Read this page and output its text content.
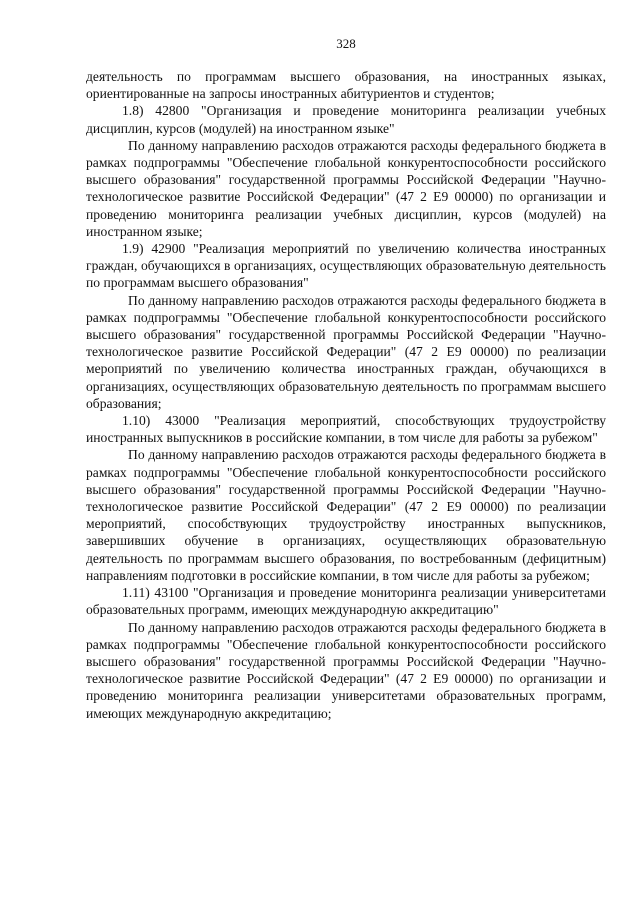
328

деятельность по программам высшего образования, на иностранных языках, ориентированные на запросы иностранных абитуриентов и студентов;

1.8) 42800 "Организация и проведение мониторинга реализации учебных дисциплин, курсов (модулей) на иностранном языке"

По данному направлению расходов отражаются расходы федерального бюджета в рамках подпрограммы "Обеспечение глобальной конкурентоспособности российского высшего образования" государственной программы Российской Федерации "Научно-технологическое развитие Российской Федерации" (47 2 Е9 00000) по организации и проведению мониторинга реализации учебных дисциплин, курсов (модулей) на иностранном языке;

1.9) 42900 "Реализация мероприятий по увеличению количества иностранных граждан, обучающихся в организациях, осуществляющих образовательную деятельность по программам высшего образования"

По данному направлению расходов отражаются расходы федерального бюджета в рамках подпрограммы "Обеспечение глобальной конкурентоспособности российского высшего образования" государственной программы Российской Федерации "Научно-технологическое развитие Российской Федерации" (47 2 Е9 00000) по реализации мероприятий по увеличению количества иностранных граждан, обучающихся в организациях, осуществляющих образовательную деятельность по программам высшего образования;

1.10) 43000 "Реализация мероприятий, способствующих трудоустройству иностранных выпускников в российские компании, в том числе для работы за рубежом"

По данному направлению расходов отражаются расходы федерального бюджета в рамках подпрограммы "Обеспечение глобальной конкурентоспособности российского высшего образования" государственной программы Российской Федерации "Научно-технологическое развитие Российской Федерации" (47 2 Е9 00000) по реализации мероприятий, способствующих трудоустройству иностранных выпускников, завершивших обучение в организациях, осуществляющих образовательную деятельность по программам высшего образования, по востребованным (дефицитным) направлениям подготовки в российские компании, в том числе для работы за рубежом;

1.11) 43100 "Организация и проведение мониторинга реализации университетами образовательных программ, имеющих международную аккредитацию"

По данному направлению расходов отражаются расходы федерального бюджета в рамках подпрограммы "Обеспечение глобальной конкурентоспособности российского высшего образования" государственной программы Российской Федерации "Научно-технологическое развитие Российской Федерации" (47 2 Е9 00000) по организации и проведению мониторинга реализации университетами образовательных программ, имеющих международную аккредитацию;
